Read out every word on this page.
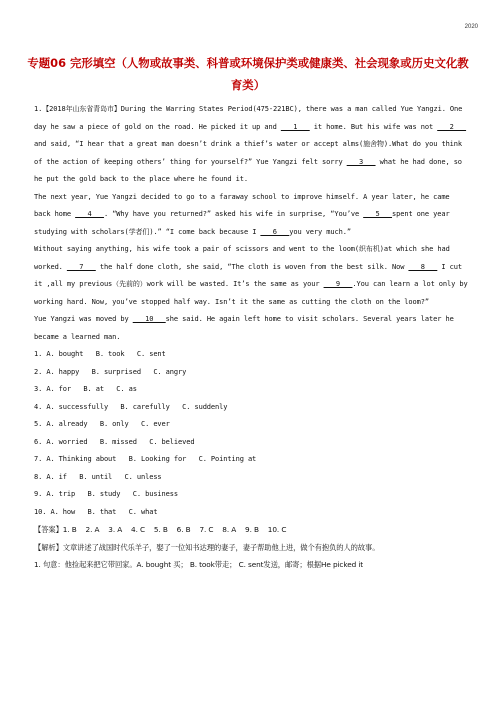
2020
专题06 完形填空（人物或故事类、科普或环境保护类或健康类、社会现象或历史文化教育类）

1.【2018年山东省青岛市】During the Warring States Period(475-221BC), there was a man called Yue Yangzi. One day he saw a piece of gold on the road. He picked it up and ___1___ it home. But his wife was not ___2___ and said, “I hear that a great man doesn’t drink a thief’s water or accept alms(施舍物).What do you think of the action of keeping others’ thing for yourself?” Yue Yangzi felt sorry ___3___ what he had done, so he put the gold back to the place where he found it.

The next year, Yue Yangzi decided to go to a faraway school to improve himself. A year later, he came back home ___4___. “Why have you returned?” asked his wife in surprise, “You’ve ___5___spent one year studying with scholars(学者们).” “I come back because I ___6___you very much.”

Without saying anything, his wife took a pair of scissors and went to the loom(织布机)at which she had worked. ___7___ the half done cloth, she said, “The cloth is woven from the best silk. Now ___8___ I cut it ,all my previous（先前的）work will be wasted. It’s the same as your ___9___.You can learn a lot only by working hard. Now, you’ve stopped half way. Isn’t it the same as cutting the cloth on the loom?”

Yue Yangzi was moved by ___10___she said. He again left home to visit scholars. Several years later he became a learned man.

1. A. bought   B. took   C. sent

2. A. happy   B. surprised   C. angry

3. A. for   B. at   C. as

4. A. successfully   B. carefully   C. suddenly

5. A. already   B. only   C. ever

6. A. worried   B. missed   C. believed

7. A. Thinking about   B. Looking for   C. Pointing at

8. A. if   B. until   C. unless

9. A. trip   B. study   C. business

10. A. how   B. that   C. what

【答案】1. B    2. A    3. A    4. C    5. B    6. B    7. C    8. A    9. B    10. C

【解析】文章讲述了战国时代乐羊子，娶了一位知书达理的妻子，妻子帮助他上进，做个有抱负的人的故事。

1. 句意：他捡起来把它带回家。A. bought 买； B. took带走； C. sent发送，邮寄；根据He picked it
